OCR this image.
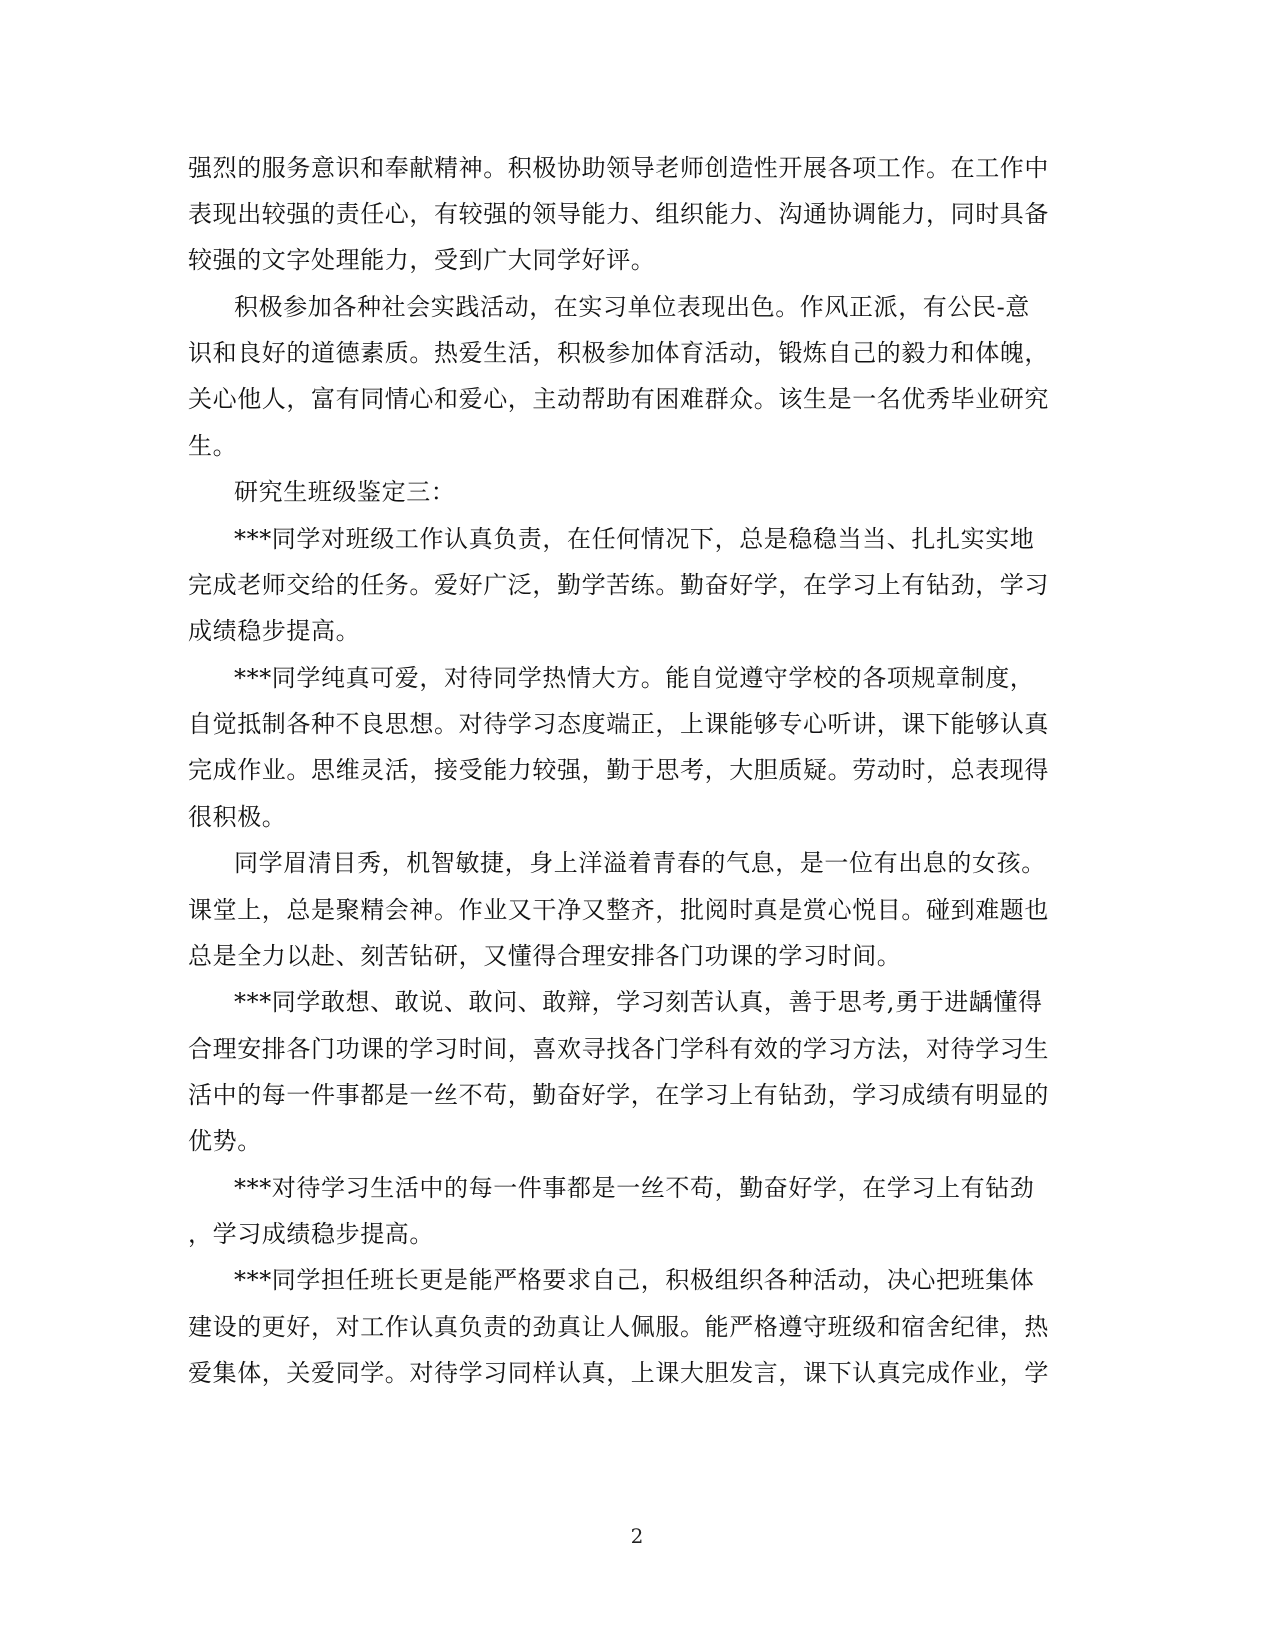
强烈的服务意识和奉献精神。积极协助领导老师创造性开展各项工作。在工作中
表现出较强的责任心，有较强的领导能力、组织能力、沟通协调能力，同时具备
较强的文字处理能力，受到广大同学好评。
积极参加各种社会实践活动，在实习单位表现出色。作风正派，有公民-意
识和良好的道德素质。热爱生活，积极参加体育活动，锻炼自己的毅力和体魄，
关心他人，富有同情心和爱心，主动帮助有困难群众。该生是一名优秀毕业研究
生。
研究生班级鉴定三：
***同学对班级工作认真负责，在任何情况下，总是稳稳当当、扎扎实实地
完成老师交给的任务。爱好广泛，勤学苦练。勤奋好学，在学习上有钻劲，学习
成绩稳步提高。
***同学纯真可爱，对待同学热情大方。能自觉遵守学校的各项规章制度，
自觉抵制各种不良思想。对待学习态度端正，上课能够专心听讲，课下能够认真
完成作业。思维灵活，接受能力较强，勤于思考，大胆质疑。劳动时，总表现得
很积极。
同学眉清目秀，机智敏捷，身上洋溢着青春的气息，是一位有出息的女孩。
课堂上，总是聚精会神。作业又干净又整齐，批阅时真是赏心悦目。碰到难题也
总是全力以赴、刻苦钻研，又懂得合理安排各门功课的学习时间。
***同学敢想、敢说、敢问、敢辩，学习刻苦认真，善于思考,勇于进龋懂得
合理安排各门功课的学习时间，喜欢寻找各门学科有效的学习方法，对待学习生
活中的每一件事都是一丝不苟，勤奋好学，在学习上有钻劲，学习成绩有明显的
优势。
***对待学习生活中的每一件事都是一丝不苟，勤奋好学，在学习上有钻劲
，学习成绩稳步提高。
***同学担任班长更是能严格要求自己，积极组织各种活动，决心把班集体
建设的更好，对工作认真负责的劲真让人佩服。能严格遵守班级和宿舍纪律，热
爱集体，关爱同学。对待学习同样认真，上课大胆发言，课下认真完成作业，学
2
